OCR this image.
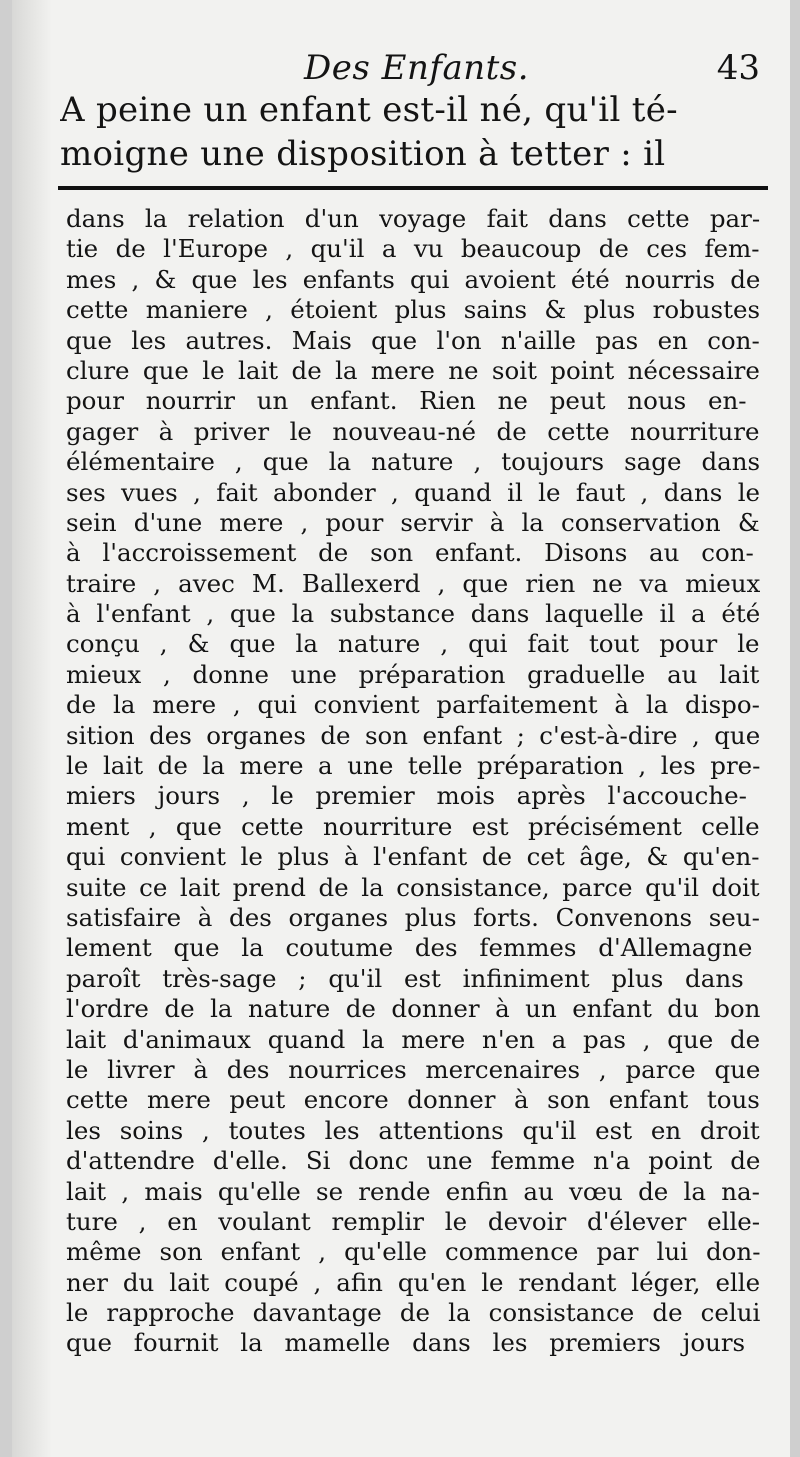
Des Enfants.	43
A peine un enfant est-il né, qu'il té-
moigne une disposition à tetter : il
dans la relation d'un voyage fait dans cette par-
tie de l'Europe , qu'il a vu beaucoup de ces fem-
mes , & que les enfants qui avoient été nourris de
cette maniere , étoient plus sains & plus robustes
que les autres. Mais que l'on n'aille pas en con-
clure que le lait de la mere ne soit point nécessaire
pour nourrir un enfant. Rien ne peut nous en-
gager à priver le nouveau-né de cette nourriture
élémentaire , que la nature , toujours sage dans
ses vues , fait abonder , quand il le faut , dans le
sein d'une mere , pour servir à la conservation &
à l'accroissement de son enfant. Disons au con-
traire , avec M. Ballexerd , que rien ne va mieux
à l'enfant , que la substance dans laquelle il a été
conçu , & que la nature , qui fait tout pour le
mieux , donne une préparation graduelle au lait
de la mere , qui convient parfaitement à la dispo-
sition des organes de son enfant ; c'est-à-dire , que
le lait de la mere a une telle préparation , les pre-
miers jours , le premier mois après l'accouche-
ment , que cette nourriture est précisément celle
qui convient le plus à l'enfant de cet âge, & qu'en-
suite ce lait prend de la consistance, parce qu'il doit
satisfaire à des organes plus forts. Convenons seu-
lement que la coutume des femmes d'Allemagne
paroît très-sage ; qu'il est infiniment plus dans
l'ordre de la nature de donner à un enfant du bon
lait d'animaux quand la mere n'en a pas , que de
le livrer à des nourrices mercenaires , parce que
cette mere peut encore donner à son enfant tous
les soins , toutes les attentions qu'il est en droit
d'attendre d'elle. Si donc une femme n'a point de
lait , mais qu'elle se rende enfin au vœu de la na-
ture , en voulant remplir le devoir d'élever elle-
même son enfant , qu'elle commence par lui don-
ner du lait coupé , afin qu'en le rendant léger, elle
le rapproche davantage de la consistance de celui
que fournit la mamelle dans les premiers jours
